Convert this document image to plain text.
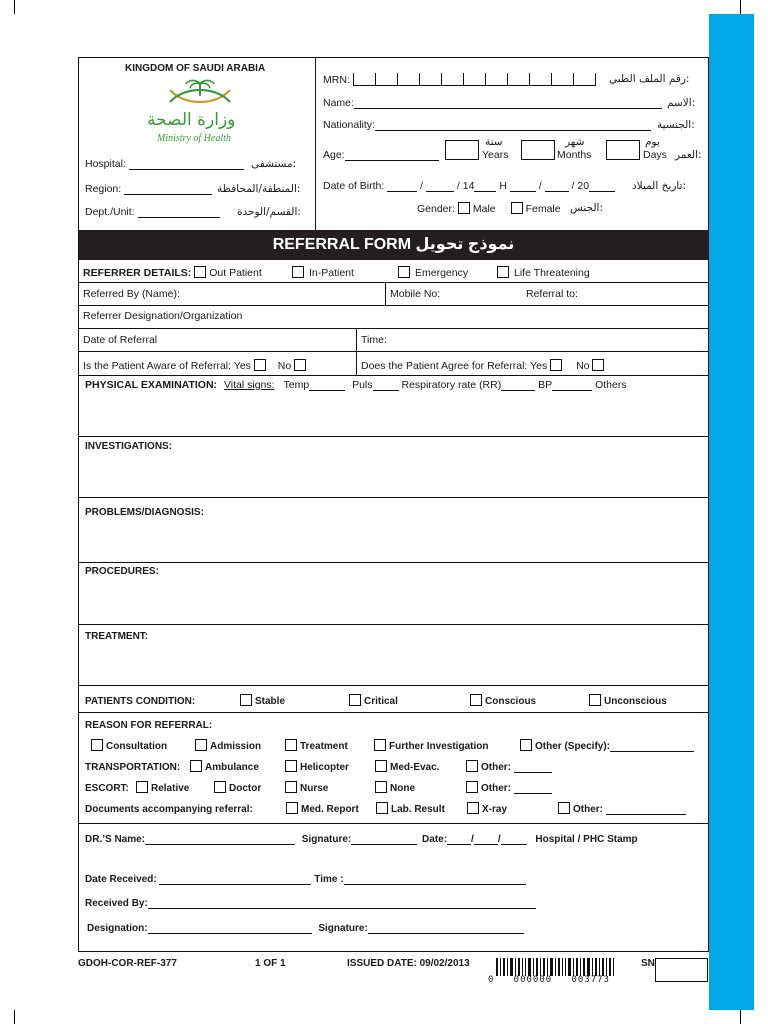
KINGDOM OF SAUDI ARABIA
وزارة الصحة
Ministry of Health
Hospital:	:مستشفى
Region:	:المنطقة/المحافظة
Dept./Unit:	:القسم/الوحدة
MRN:	:رقم الملف الطبي
Name:	:الاسم
Nationality:	:الجنسية
Age:
سنة
Years
شهر
Months
يوم
Days :العمر
Date of Birth:	/	/ 14 H	/	/ 20	:تاريخ الميلاد
Gender: Male	Female :الجنس
REFERRAL FORM نموذج تحويل
REFERRER DETAILS: Out Patient	In-Patient	Emergency	Life Threatening
Referred By (Name):	Mobile No:	Referral to:
Referrer Designation/Organization
Date of Referral	Time:
Is the Patient Aware of Referral: Yes	No	Does the Patient Agree for Referral: Yes	No
PHYSICAL EXAMINATION: Vital signs: Temp	Puls	Respiratory rate (RR)	BP	Others
INVESTIGATIONS:
PROBLEMS/DIAGNOSIS:
PROCEDURES:
TREATMENT:
PATIENTS CONDITION:	Stable	Critical	Conscious	Unconscious
REASON FOR REFERRAL:
Consultation	Admission	Treatment	Further Investigation	Other (Specify):
TRANSPORTATION:	Ambulance	Helicopter	Med-Evac.	Other:
ESCORT:	Relative	Doctor	Nurse	None	Other:
Documents accompanying referral:	Med. Report	Lab. Result	X-ray	Other:
DR.’S Name:	Signature:	Date: / /	Hospital / PHC Stamp
Date Received:	Time :
Received By:
Designation:	Signature:
GDOH-COR-REF-377	1 OF 1	ISSUED DATE: 09/02/2013
0   000000   003773
SN
